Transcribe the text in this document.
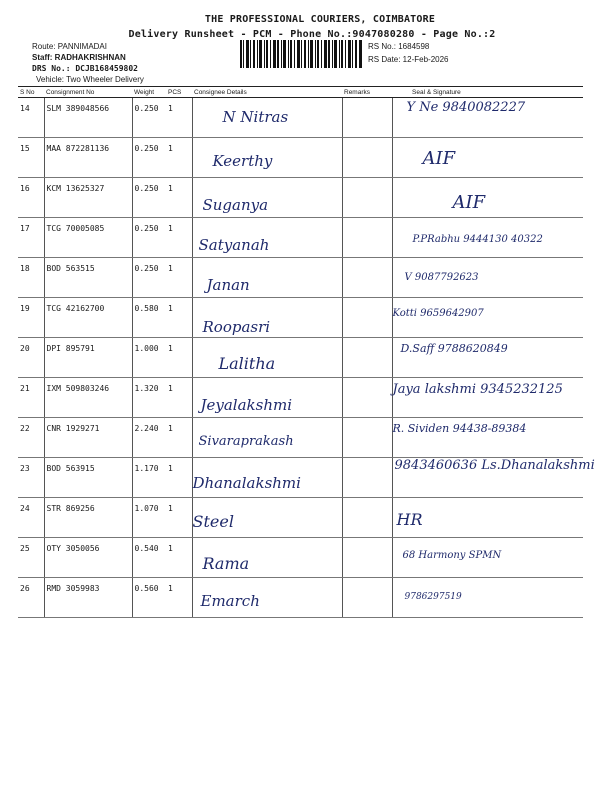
THE PROFESSIONAL COURIERS, COIMBATORE
Delivery Runsheet - PCM - Phone No.:9047080280 - Page No.:2
Route: PANNIMADAI
Staff: RADHAKRISHNAN
DRS No.: DCJB168459802
Vehicle: Two Wheeler Delivery
RS No.: 1684598
RS Date: 12-Feb-2026
S No	Consignment No	Weight	PCS	Consignee Details	Remarks	Seal & Signature
14	SLM 389048566	0.250	1	N Nitras		Y Ne 9840082227

15	MAA 872281136	0.250	1	Keerthy		AIF

16	KCM 13625327	0.250	1	Suganya		AIF

17	TCG 70005085	0.250	1	Satyanah		P.PRabhu 9444130 40322

18	BOD 563515	0.250	1	Janan		V 9087792623

19	TCG 42162700	0.580	1	Roopasri		Kotti 9659642907

20	DPI 895791	1.000	1	Lalitha		D.Saff 9788620849

21	IXM 509803246	1.320	1	Jeyalakshmi		Jaya lakshmi 9345232125

22	CNR 1929271	2.240	1	Sivaraprakash		R. Sividen 94438-89384

23	BOD 563915	1.170	1	Dhanalakshmi		9843460636 Ls.Dhanalakshmi

24	STR 869256	1.070	1	Steel		HR

25	OTY 3050056	0.540	1	Rama		68 Harmony SPMN

26	RMD 3059983	0.560	1	Emarch		9786297519
